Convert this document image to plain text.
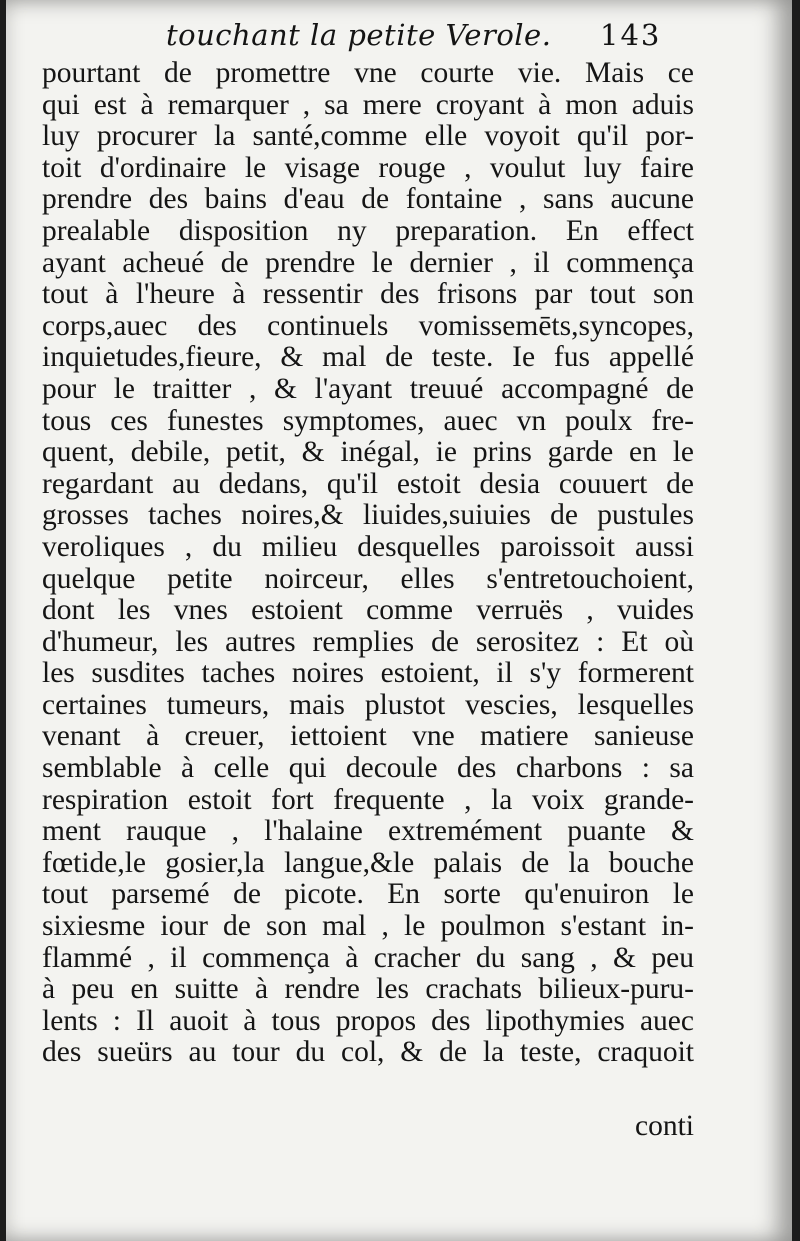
touchant la petite Verole. 143
pourtant de promettre vne courte vie. Mais ce
qui est à remarquer , sa mere croyant à mon aduis
luy procurer la santé,comme elle voyoit qu'il por-
toit d'ordinaire le visage rouge , voulut luy faire
prendre des bains d'eau de fontaine , sans aucune
prealable disposition ny preparation. En effect
ayant acheué de prendre le dernier , il commença
tout à l'heure à ressentir des frisons par tout son
corps,auec des continuels vomissemēts,syncopes,
inquietudes,fieure, & mal de teste. Ie fus appellé
pour le traitter , & l'ayant treuué accompagné de
tous ces funestes symptomes, auec vn poulx fre-
quent, debile, petit, & inégal, ie prins garde en le
regardant au dedans, qu'il estoit desia couuert de
grosses taches noires,& liuides,suiuies de pustules
veroliques , du milieu desquelles paroissoit aussi
quelque petite noirceur, elles s'entretouchoient,
dont les vnes estoient comme verruës , vuides
d'humeur, les autres remplies de serositez : Et où
les susdites taches noires estoient, il s'y formerent
certaines tumeurs, mais plustot vescies, lesquelles
venant à creuer, iettoient vne matiere sanieuse
semblable à celle qui decoule des charbons : sa
respiration estoit fort frequente , la voix grande-
ment rauque , l'halaine extremément puante &
fœtide,le gosier,la langue,&le palais de la bouche
tout parsemé de picote. En sorte qu'enuiron le
sixiesme iour de son mal , le poulmon s'estant in-
flammé , il commença à cracher du sang , & peu
à peu en suitte à rendre les crachats bilieux-puru-
lents : Il auoit à tous propos des lipothymies auec
des sueürs au tour du col, & de la teste, craquoit
conti
